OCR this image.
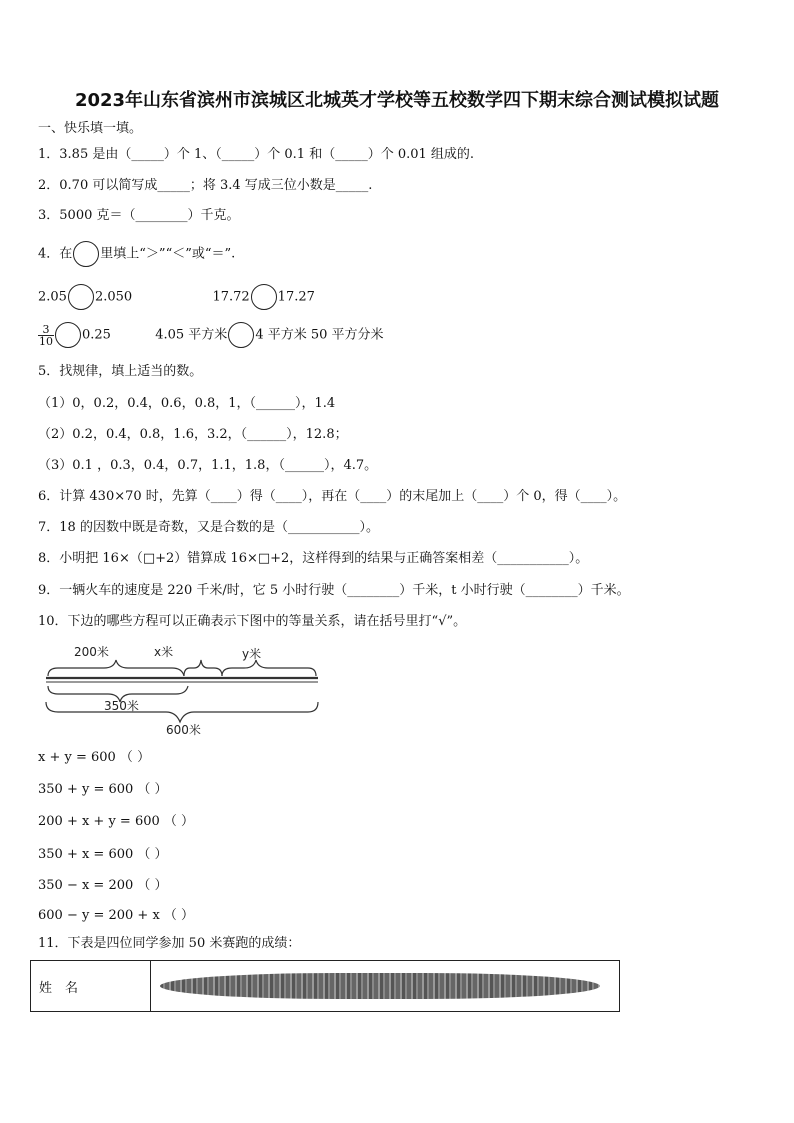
2023年山东省滨州市滨城区北城英才学校等五校数学四下期末综合测试模拟试题
一、快乐填一填。
1．3.85 是由（_____）个 1、（_____）个 0.1 和（_____）个 0.01 组成的.
2．0.70 可以简写成_____；将 3.4 写成三位小数是_____.
3．5000 克＝（________）千克。
4．在 里填上“＞”“＜”或“＝”.
2.05 2.050	17.72 17.27
$\frac{3}{10} 0.25$	4.05 平方米 4 平方米 50 平方分米
5．找规律，填上适当的数。
（1）0，0.2，0.4，0.6，0.8，1，（______），1.4
（2）0.2，0.4，0.8，1.6，3.2，（______），12.8；
（3）0.1 ，0.3，0.4，0.7，1.1，1.8，（______），4.7。
6．计算 430×70 时，先算（____）得（____），再在（____）的末尾加上（____）个 0，得（____）。
7．18 的因数中既是奇数，又是合数的是（___________）。
8．小明把 16×（□+2）错算成 16×□+2，这样得到的结果与正确答案相差（___________）。
9．一辆火车的速度是 220 千米/时，它 5 小时行驶（________）千米，t 小时行驶（________）千米。
10．下边的哪些方程可以正确表示下图中的等量关系，请在括号里打“√”。
200米	x米	y米
350米
600米
x + y = 600 （ ）
350 + y = 600 （ ）
200 + x + y = 600 （ ）
350 + x = 600 （ ）
350 − x = 200 （ ）
600 − y = 200 + x （ ）
11．下表是四位同学参加 50 米赛跑的成绩：
姓　名	
